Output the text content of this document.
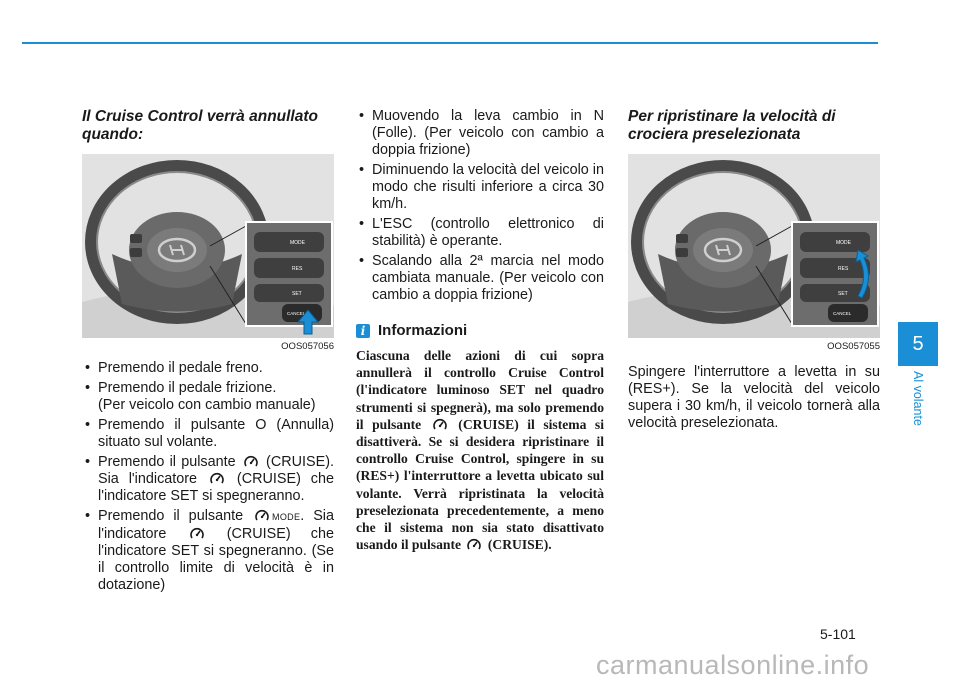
Il Cruise Control verrà annullato quando:
MODE
RES
SET
CANCEL
OOS057056
• Premendo il pedale freno.
• Premendo il pedale frizione.
(Per veicolo con cambio manuale)
• Premendo il pulsante O (Annulla) situato sul volante.
• Premendo il pulsante (CRUISE). Sia l'indicatore	(CRUISE) che l'indicatore SET si spegneranno.
• Premendo il pulsante	MODE. Sia l'indicatore	(CRUISE) che l'indicatore SET si spegneranno. (Se il controllo limite di velocità è in dotazione)
• Muovendo la leva cambio in N (Folle). (Per veicolo con cambio a doppia frizione)
• Diminuendo la velocità del veicolo in modo che risulti inferiore a circa 30 km/h.
• L'ESC (controllo elettronico di stabilità) è operante.
• Scalando alla 2ª marcia nel modo cambiata manuale. (Per veicolo con cambio a doppia frizione)
i Informazioni
Ciascuna delle azioni di cui sopra annullerà il controllo Cruise Control (l'indicatore luminoso SET nel quadro strumenti si spegnerà), ma solo premendo il pulsante	(CRUISE) il sistema si disattiverà. Se si desidera ripristinare il controllo Cruise Control, spingere in su (RES+) l'interruttore a levetta ubicato sul volante. Verrà ripristinata la velocità preselezionata precedentemente, a meno che il sistema non sia stato disattivato usando il pulsante (CRUISE).
Per ripristinare la velocità di crociera preselezionata
MODE
RES
SET
CANCEL
OOS057055
Spingere l'interruttore a levetta in su (RES+). Se la velocità del veicolo supera i 30 km/h, il veicolo tornerà alla velocità preselezionata.
5
Al volante
5-101
carmanualsonline.info
